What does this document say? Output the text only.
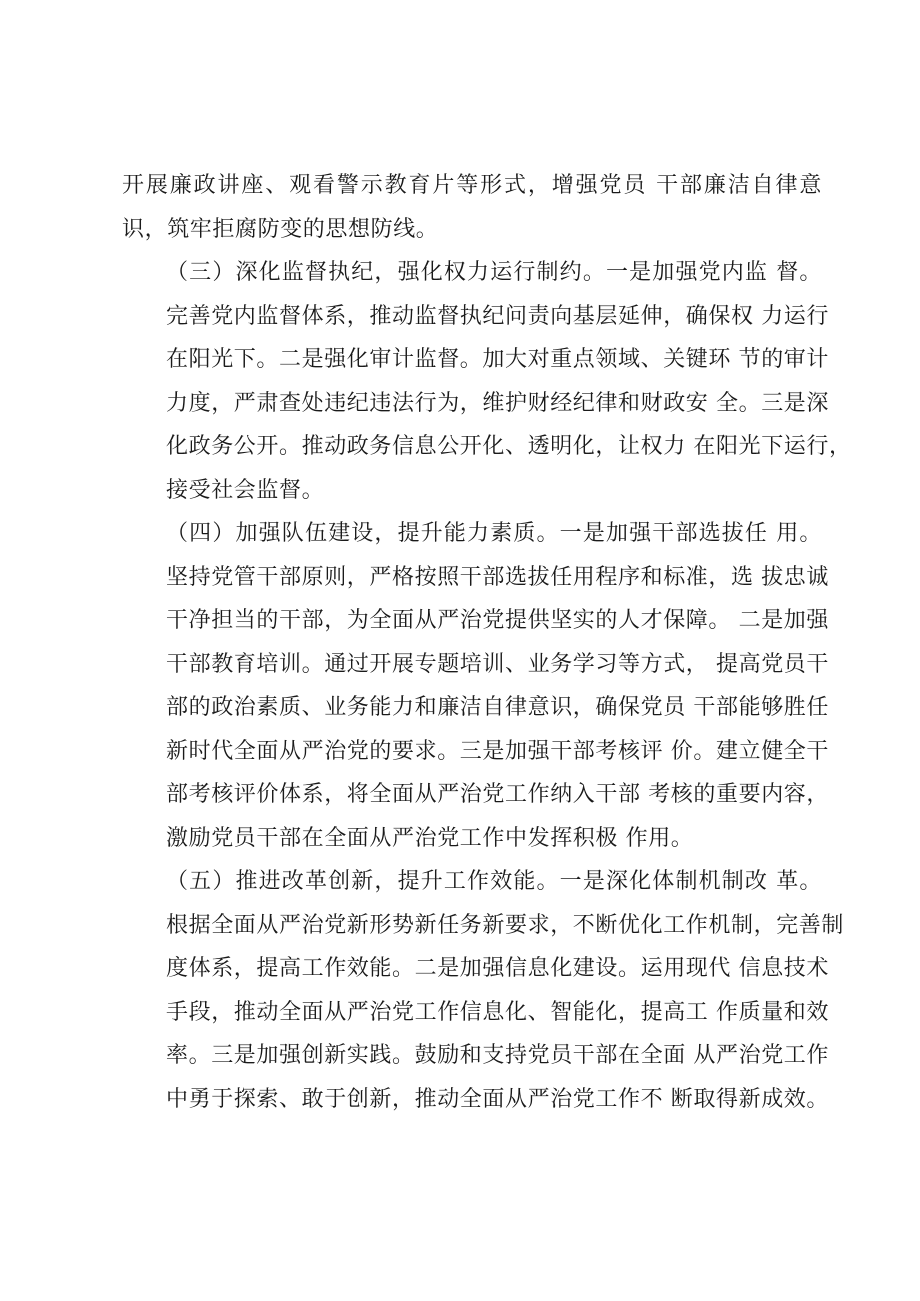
开展廉政讲座、观看警示教育片等形式，增强党员 干部廉洁自律意
识，筑牢拒腐防变的思想防线。

（三）深化监督执纪，强化权力运行制约。一是加强党内监 督。
完善党内监督体系，推动监督执纪问责向基层延伸，确保权 力运行
在阳光下。二是强化审计监督。加大对重点领域、关键环 节的审计
力度，严肃查处违纪违法行为，维护财经纪律和财政安 全。三是深
化政务公开。推动政务信息公开化、透明化，让权力 在阳光下运行，
接受社会监督。

（四）加强队伍建设，提升能力素质。一是加强干部选拔任 用。
坚持党管干部原则，严格按照干部选拔任用程序和标准，选 拔忠诚
干净担当的干部，为全面从严治党提供坚实的人才保障。 二是加强
干部教育培训。通过开展专题培训、业务学习等方式， 提高党员干
部的政治素质、业务能力和廉洁自律意识，确保党员 干部能够胜任
新时代全面从严治党的要求。三是加强干部考核评 价。建立健全干
部考核评价体系，将全面从严治党工作纳入干部 考核的重要内容，
激励党员干部在全面从严治党工作中发挥积极 作用。

（五）推进改革创新，提升工作效能。一是深化体制机制改 革。
根据全面从严治党新形势新任务新要求，不断优化工作机制，完善制
度体系，提高工作效能。二是加强信息化建设。运用现代 信息技术
手段，推动全面从严治党工作信息化、智能化，提高工 作质量和效
率。三是加强创新实践。鼓励和支持党员干部在全面 从严治党工作
中勇于探索、敢于创新，推动全面从严治党工作不 断取得新成效。
